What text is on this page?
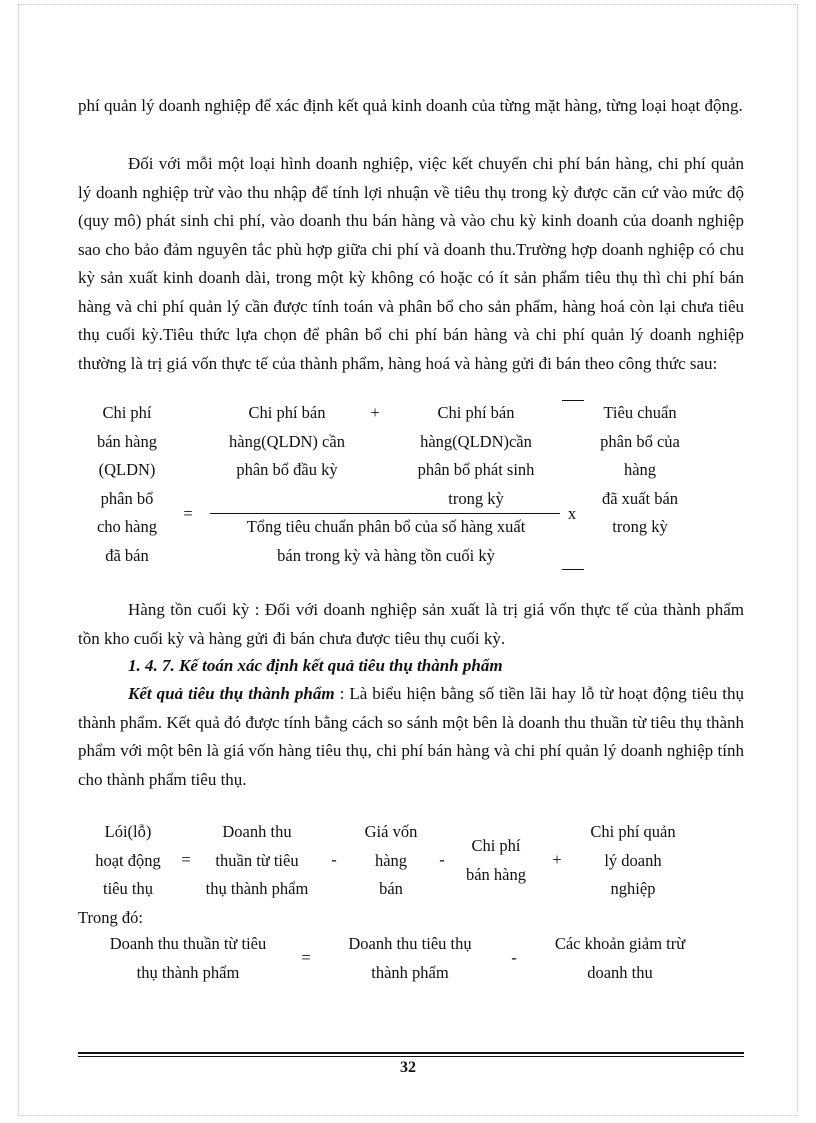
phí quản lý doanh nghiệp để xác định kết quả kinh doanh của từng mặt hàng, từng loại hoạt động.

Đối với mỗi một loại hình doanh nghiệp, việc kết chuyển chi phí bán hàng, chi phí quản lý doanh nghiệp trừ vào thu nhập để tính lợi nhuận về tiêu thụ trong kỳ được căn cứ vào mức độ (quy mô) phát sinh chi phí, vào doanh thu bán hàng và vào chu kỳ kinh doanh của doanh nghiệp sao cho bảo đảm nguyên tắc phù hợp giữa chi phí và doanh thu.Trường hợp doanh nghiệp có chu kỳ sản xuất kinh doanh dài, trong một kỳ không có hoặc có ít sản phẩm tiêu thụ thì chi phí bán hàng và chi phí quản lý cần được tính toán và phân bổ cho sản phẩm, hàng hoá còn lại chưa tiêu thụ cuối kỳ.Tiêu thức lựa chọn để phân bổ chi phí bán hàng và chi phí quản lý doanh nghiệp thường là trị giá vốn thực tế của thành phẩm, hàng hoá và hàng gửi đi bán theo công thức sau:

Chi phí
bán hàng
(QLDN)
phân bổ
cho hàng
đã bán
=
Chi phí bán
hàng(QLDN) cần
phân bổ đầu kỳ
+	Chi phí bán
hàng(QLDN)cần
phân bổ phát sinh
trong kỳ
Tổng tiêu chuẩn phân bổ của số hàng xuất
bán trong kỳ và hàng tồn cuối kỳ
x
Tiêu chuẩn
phân bổ của
hàng
đã xuất bán
trong kỳ

Hàng tồn cuối kỳ : Đối với doanh nghiệp sản xuất là trị giá vốn thực tế của thành phẩm tồn kho cuối kỳ và hàng gửi đi bán chưa được tiêu thụ cuối kỳ.

1. 4. 7. Kế toán xác định kết quả tiêu thụ thành phẩm

Kết quả tiêu thụ thành phẩm : Là biểu hiện bằng số tiền lãi hay lỗ từ hoạt động tiêu thụ thành phẩm. Kết quả đó được tính bằng cách so sánh một bên là doanh thu thuần từ tiêu thụ thành phẩm với một bên là giá vốn hàng tiêu thụ, chi phí bán hàng và chi phí quản lý doanh nghiệp tính cho thành phẩm tiêu thụ.

Lói(lỗ)
hoạt động
tiêu thụ
=
Doanh thu
thuần từ tiêu
thụ thành phẩm
-
Giá vốn
hàng
bán
-
Chi phí
bán hàng
+
Chi phí quản
lý doanh
nghiệp
Trong đó:
Doanh thu thuần từ tiêu
thụ thành phẩm
=
Doanh thu tiêu thụ
thành phẩm
-
Các khoản giảm trừ
doanh thu
32
